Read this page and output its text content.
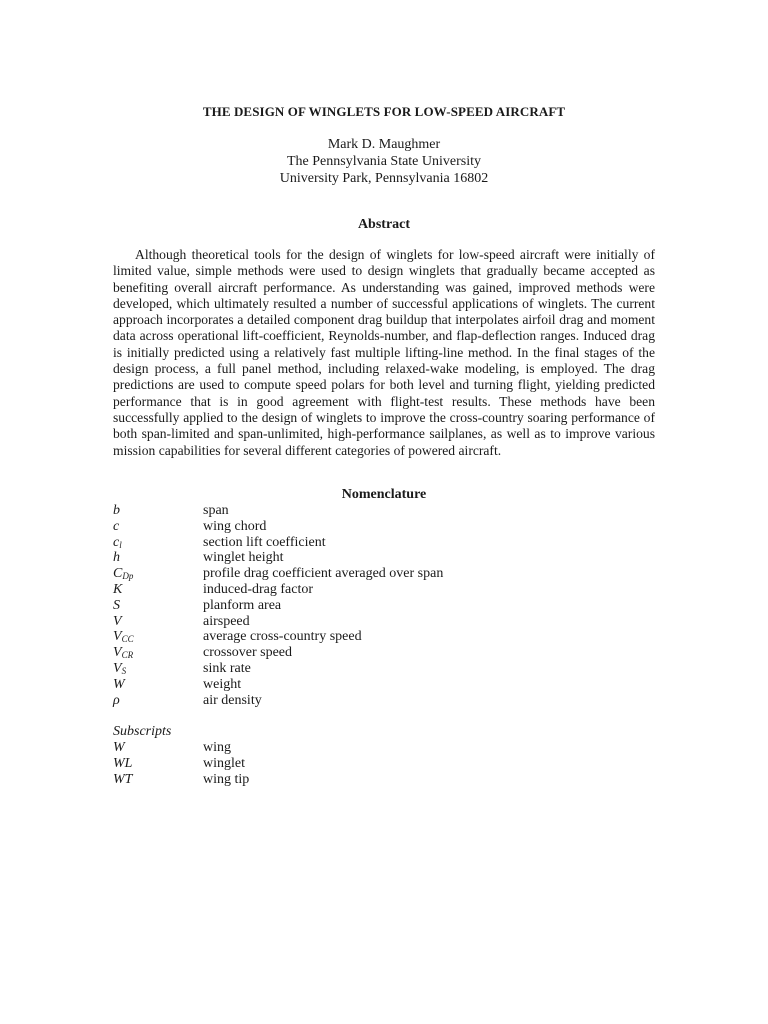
THE DESIGN OF WINGLETS FOR LOW-SPEED AIRCRAFT
Mark D. Maughmer
The Pennsylvania State University
University Park, Pennsylvania 16802
Abstract

Although theoretical tools for the design of winglets for low-speed aircraft were initially of limited value, simple methods were used to design winglets that gradually became accepted as benefiting overall aircraft performance. As understanding was gained, improved methods were developed, which ultimately resulted a number of successful applications of winglets. The current approach incorporates a detailed component drag buildup that interpolates airfoil drag and moment data across operational lift-coefficient, Reynolds-number, and flap-deflection ranges. Induced drag is initially predicted using a relatively fast multiple lifting-line method. In the final stages of the design process, a full panel method, including relaxed-wake modeling, is employed. The drag predictions are used to compute speed polars for both level and turning flight, yielding predicted performance that is in good agreement with flight-test results. These methods have been successfully applied to the design of winglets to improve the cross-country soaring performance of both span-limited and span-unlimited, high-performance sailplanes, as well as to improve various mission capabilities for several different categories of powered aircraft.

Nomenclature
b	span
c	wing chord
$c_l$	section lift coefficient
h	winglet height
$C_{Dp}$	profile drag coefficient averaged over span
K	induced-drag factor
S	planform area
V	airspeed
$V_{CC}$	average cross-country speed
$V_{CR}$	crossover speed
$V_S$	sink rate
W	weight
ρ	air density
Subscripts
W	wing
WL	winglet
WT	wing tip
